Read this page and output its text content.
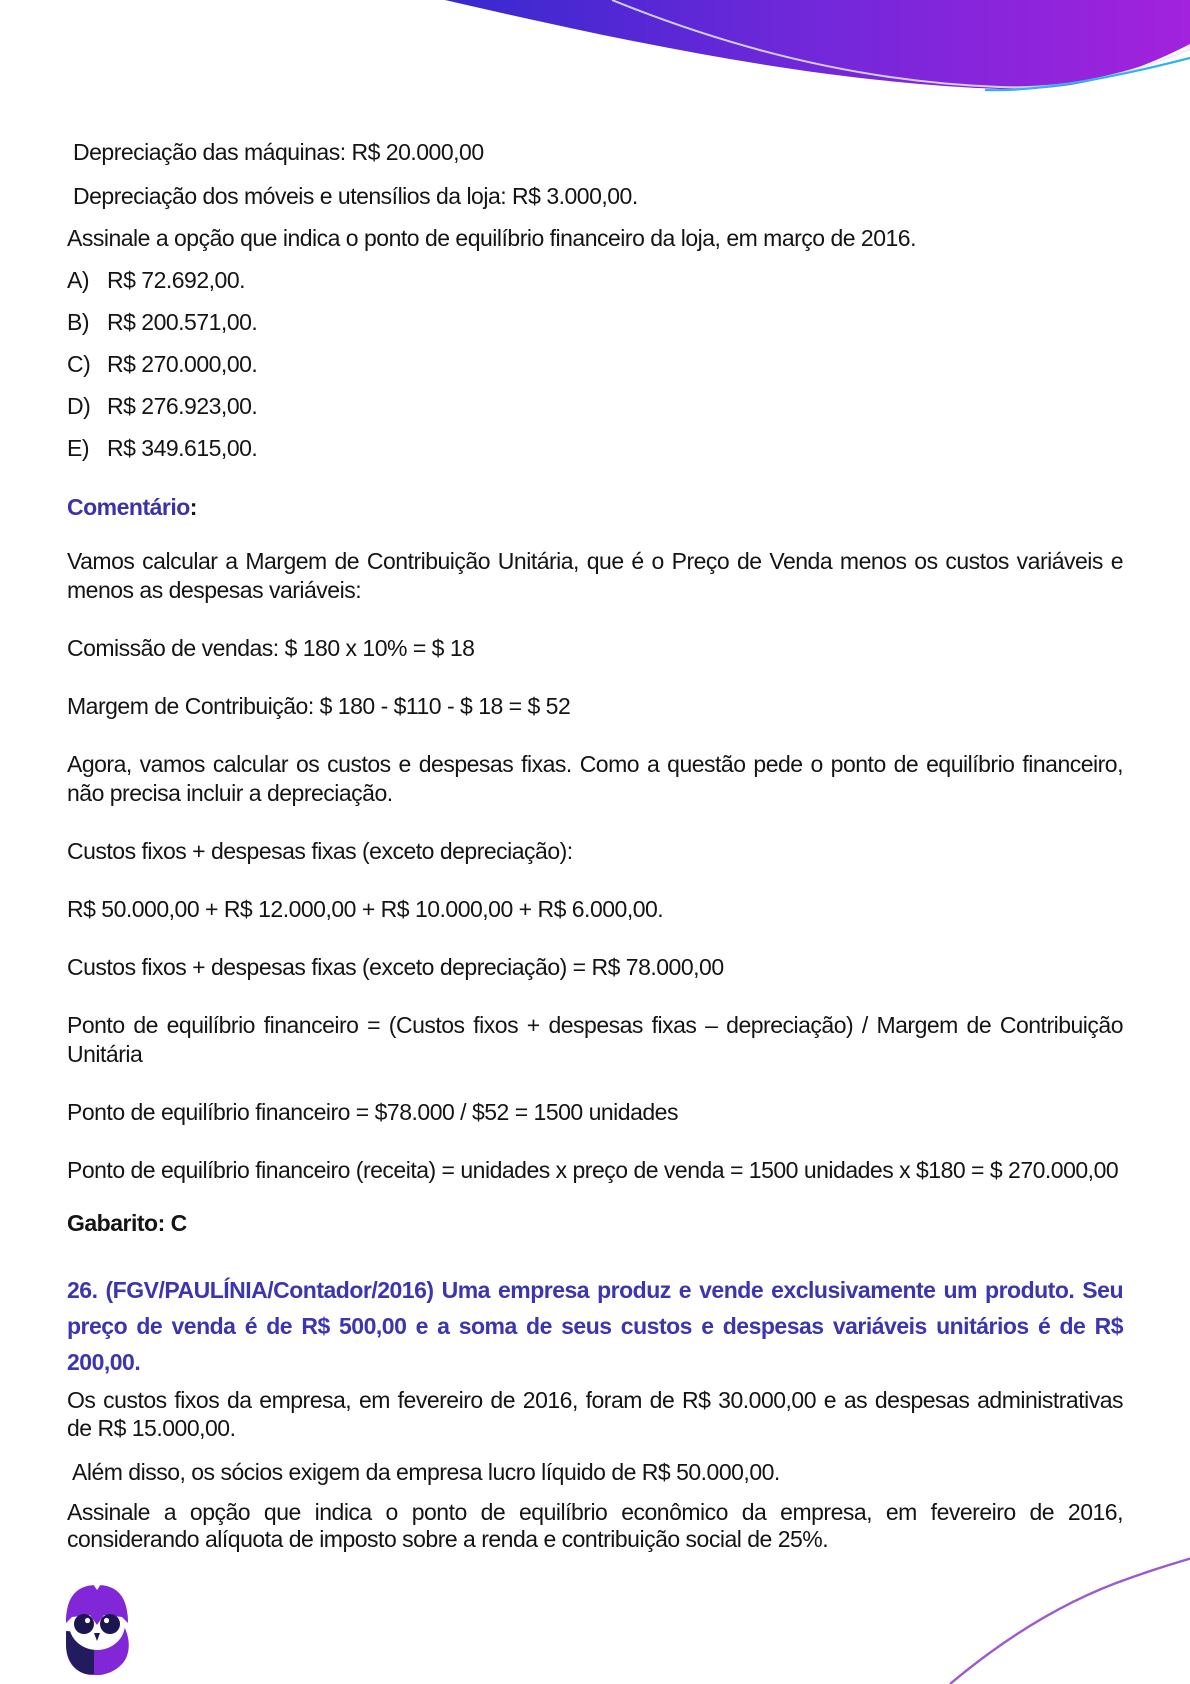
Depreciação das máquinas: R$ 20.000,00
Depreciação dos móveis e utensílios da loja: R$ 3.000,00.
Assinale a opção que indica o ponto de equilíbrio financeiro da loja, em março de 2016.
A) R$ 72.692,00.
B) R$ 200.571,00.
C) R$ 270.000,00.
D) R$ 276.923,00.
E) R$ 349.615,00.
Comentário:
Vamos calcular a Margem de Contribuição Unitária, que é o Preço de Venda menos os custos variáveis e menos as despesas variáveis:
Comissão de vendas: $ 180 x 10% = $ 18
Margem de Contribuição: $ 180 - $110 - $ 18 = $ 52
Agora, vamos calcular os custos e despesas fixas. Como a questão pede o ponto de equilíbrio financeiro, não precisa incluir a depreciação.
Custos fixos + despesas fixas (exceto depreciação):
R$ 50.000,00 + R$ 12.000,00 + R$ 10.000,00 + R$ 6.000,00.
Custos fixos + despesas fixas (exceto depreciação) = R$ 78.000,00
Ponto de equilíbrio financeiro = (Custos fixos + despesas fixas – depreciação) / Margem de Contribuição Unitária
Ponto de equilíbrio financeiro = $78.000 / $52 = 1500 unidades
Ponto de equilíbrio financeiro (receita) = unidades x preço de venda = 1500 unidades x $180 = $ 270.000,00
Gabarito: C
26. (FGV/PAULÍNIA/Contador/2016) Uma empresa produz e vende exclusivamente um produto. Seu preço de venda é de R$ 500,00 e a soma de seus custos e despesas variáveis unitários é de R$ 200,00.
Os custos fixos da empresa, em fevereiro de 2016, foram de R$ 30.000,00 e as despesas administrativas de R$ 15.000,00.
Além disso, os sócios exigem da empresa lucro líquido de R$ 50.000,00.
Assinale a opção que indica o ponto de equilíbrio econômico da empresa, em fevereiro de 2016, considerando alíquota de imposto sobre a renda e contribuição social de 25%.
